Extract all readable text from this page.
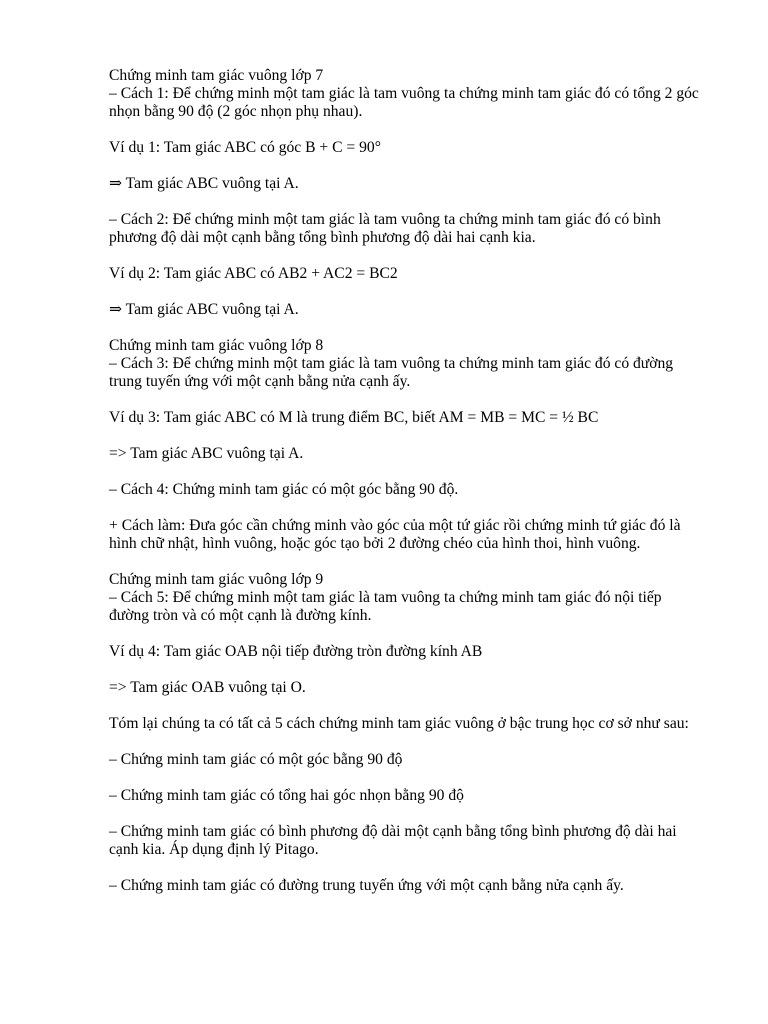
Chứng minh tam giác vuông lớp 7

– Cách 1: Để chứng minh một tam giác là tam vuông ta chứng minh tam giác đó có tổng 2 góc nhọn bằng 90 độ (2 góc nhọn phụ nhau).

Ví dụ 1: Tam giác ABC có góc B + C = 90°

⇒ Tam giác ABC vuông tại A.

– Cách 2: Để chứng minh một tam giác là tam vuông ta chứng minh tam giác đó có bình phương độ dài một cạnh bằng tổng bình phương độ dài hai cạnh kia.

Ví dụ 2: Tam giác ABC có AB2 + AC2 = BC2

⇒ Tam giác ABC vuông tại A.

Chứng minh tam giác vuông lớp 8

– Cách 3: Để chứng minh một tam giác là tam vuông ta chứng minh tam giác đó có đường trung tuyến ứng với một cạnh bằng nửa cạnh ấy.

Ví dụ 3: Tam giác ABC có M là trung điểm BC, biết AM = MB = MC = ½ BC

=> Tam giác ABC vuông tại A.

– Cách 4: Chứng minh tam giác có một góc bằng 90 độ.

+ Cách làm: Đưa góc cần chứng minh vào góc của một tứ giác rồi chứng minh tứ giác đó là hình chữ nhật, hình vuông, hoặc góc tạo bởi 2 đường chéo của hình thoi, hình vuông.

Chứng minh tam giác vuông lớp 9

– Cách 5: Để chứng minh một tam giác là tam vuông ta chứng minh tam giác đó nội tiếp đường tròn và có một cạnh là đường kính.

Ví dụ 4: Tam giác OAB nội tiếp đường tròn đường kính AB

=> Tam giác OAB vuông tại O.

Tóm lại chúng ta có tất cả 5 cách chứng minh tam giác vuông ở bậc trung học cơ sở như sau:

– Chứng minh tam giác có một góc bằng 90 độ

– Chứng minh tam giác có tổng hai góc nhọn bằng 90 độ

– Chứng minh tam giác có bình phương độ dài một cạnh bằng tổng bình phương độ dài hai cạnh kia. Áp dụng định lý Pitago.

– Chứng minh tam giác có đường trung tuyến ứng với một cạnh bằng nửa cạnh ấy.
